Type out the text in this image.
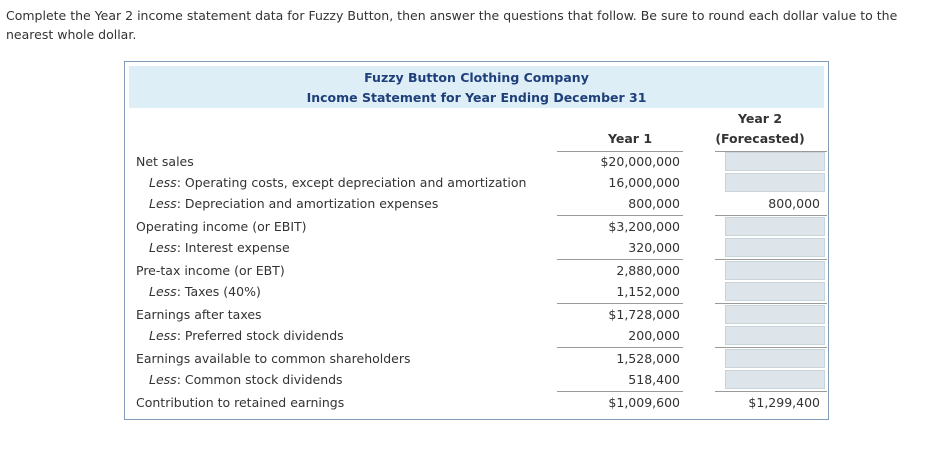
Complete the Year 2 income statement data for Fuzzy Button, then answer the questions that follow. Be sure to round each dollar value to the nearest whole dollar.
Fuzzy Button Clothing Company
Income Statement for Year Ending December 31
Year 1
Year 2
(Forecasted)
Net sales	$20,000,000
Less: Operating costs, except depreciation and amortization	16,000,000
Less: Depreciation and amortization expenses	800,000	800,000
Operating income (or EBIT)	$3,200,000
Less: Interest expense	320,000
Pre-tax income (or EBT)	2,880,000
Less: Taxes (40%)	1,152,000
Earnings after taxes	$1,728,000
Less: Preferred stock dividends	200,000
Earnings available to common shareholders	1,528,000
Less: Common stock dividends	518,400
Contribution to retained earnings	$1,009,600	$1,299,400
